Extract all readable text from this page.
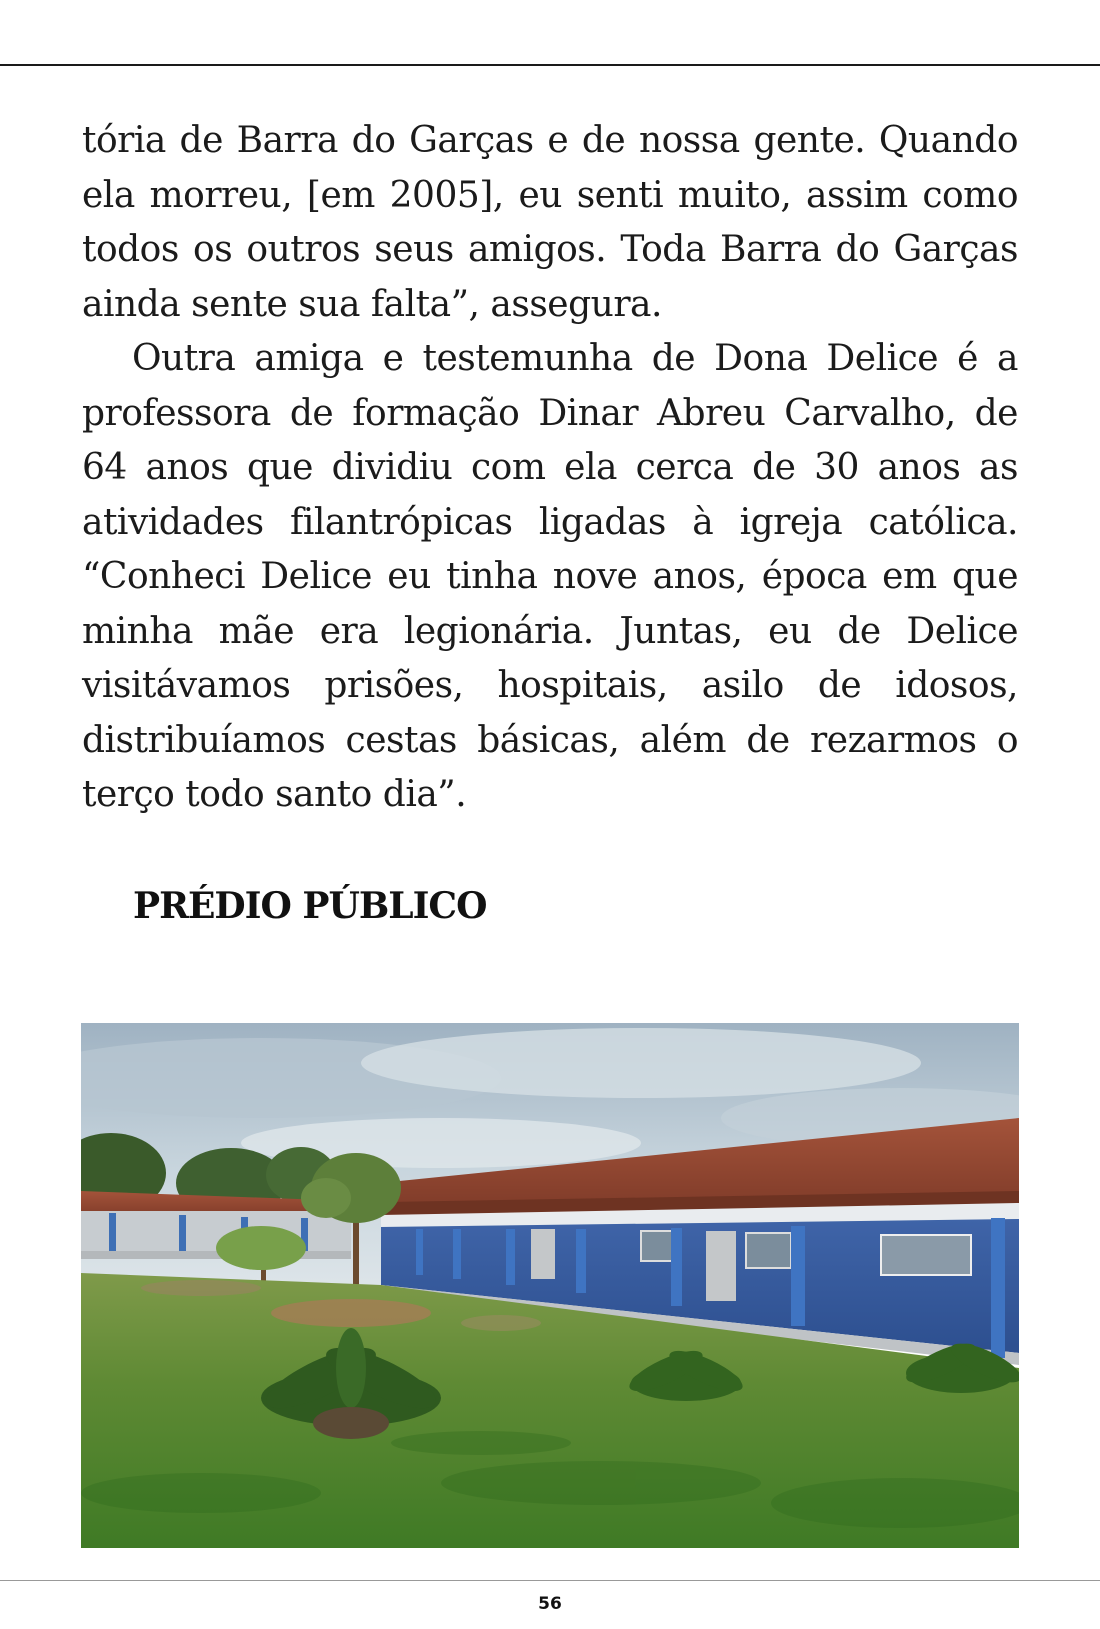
tória de Barra do Garças e de nossa gente. Quando ela morreu, [em 2005], eu senti muito, assim como todos os outros seus amigos. Toda Barra do Garças ainda sente sua falta”, assegura.

Outra amiga e testemunha de Dona Delice é a professora de formação Dinar Abreu Carvalho, de 64 anos que dividiu com ela cerca de 30 anos as atividades filantrópicas ligadas à igreja católica. “Conheci Delice eu tinha nove anos, época em que minha mãe era legionária. Juntas, eu de Delice visitávamos prisões, hospitais, asilo de idosos, distribuíamos cestas básicas, além de rezarmos o terço todo santo dia”.

PRÉDIO PÚBLICO
56
